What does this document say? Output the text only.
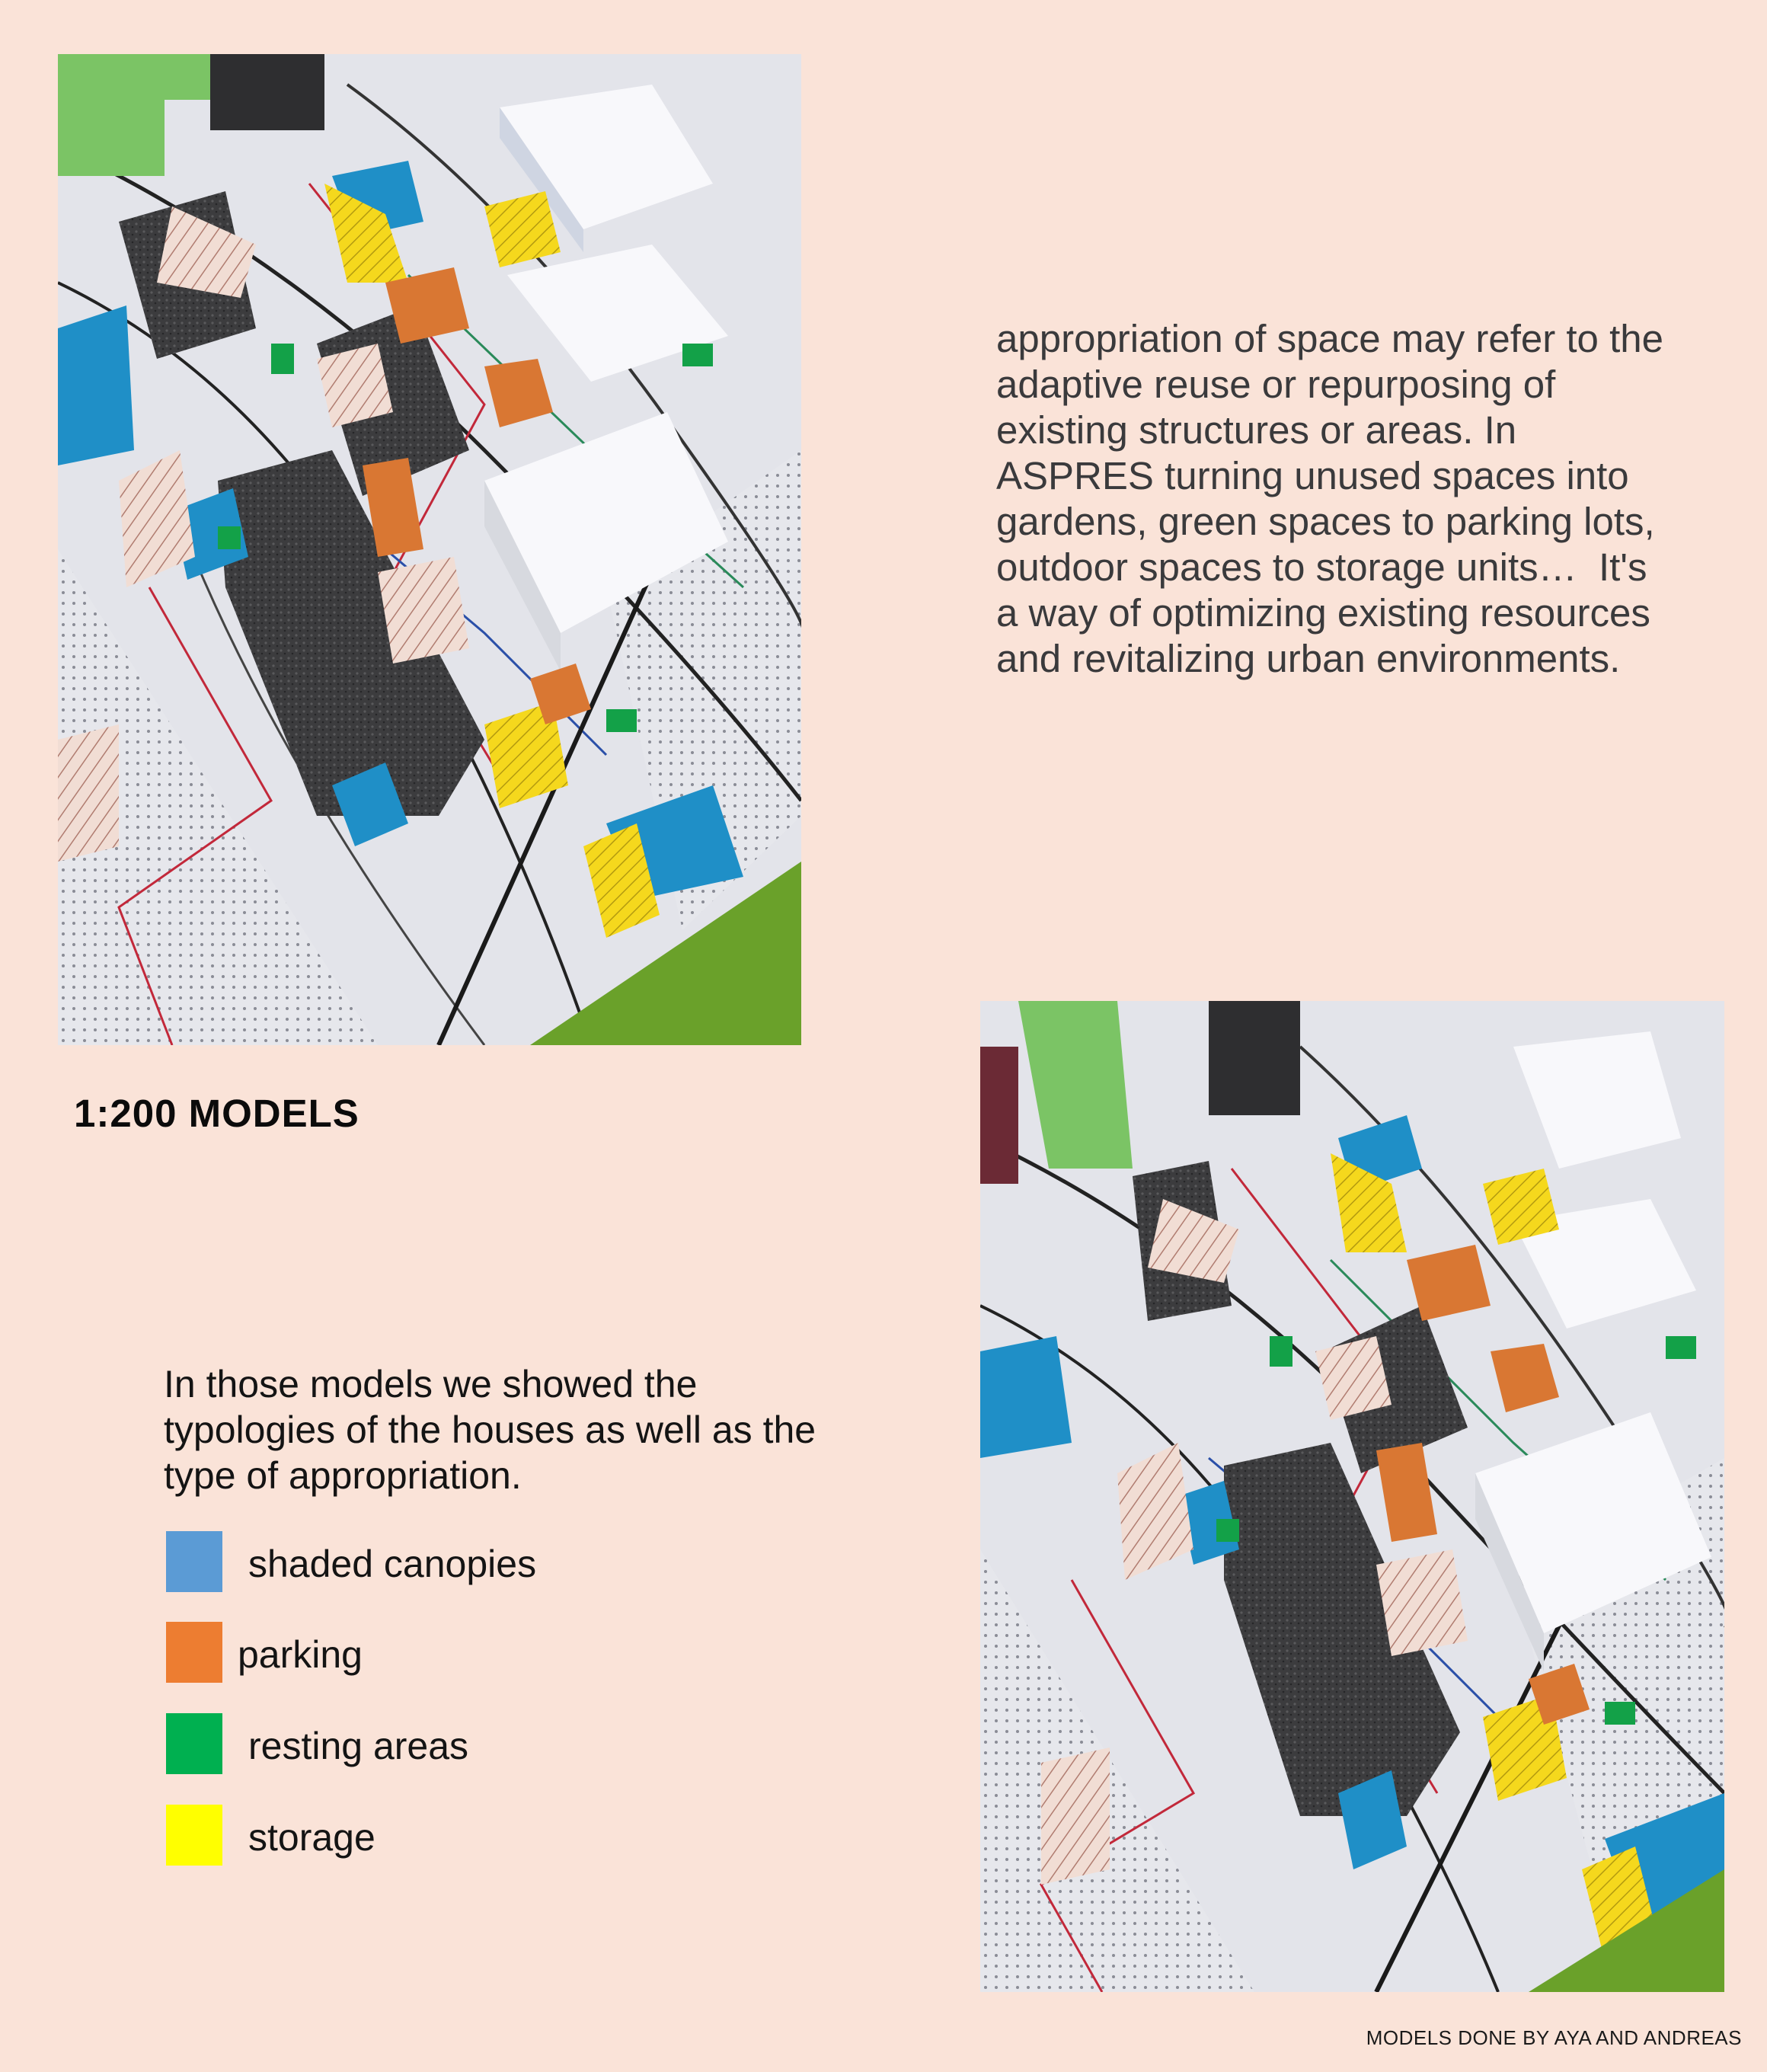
appropriation of space may refer to the
adaptive reuse or repurposing of
existing structures or areas. In
ASPRES turning unused spaces into
gardens, green spaces to parking lots,
outdoor spaces to storage units…  It's
a way of optimizing existing resources
and revitalizing urban environments.
1:200 MODELS
In those models we showed the typologies of the houses as well as the type of appropriation.
shaded canopies
parking
resting areas
storage
MODELS DONE BY AYA AND ANDREAS
